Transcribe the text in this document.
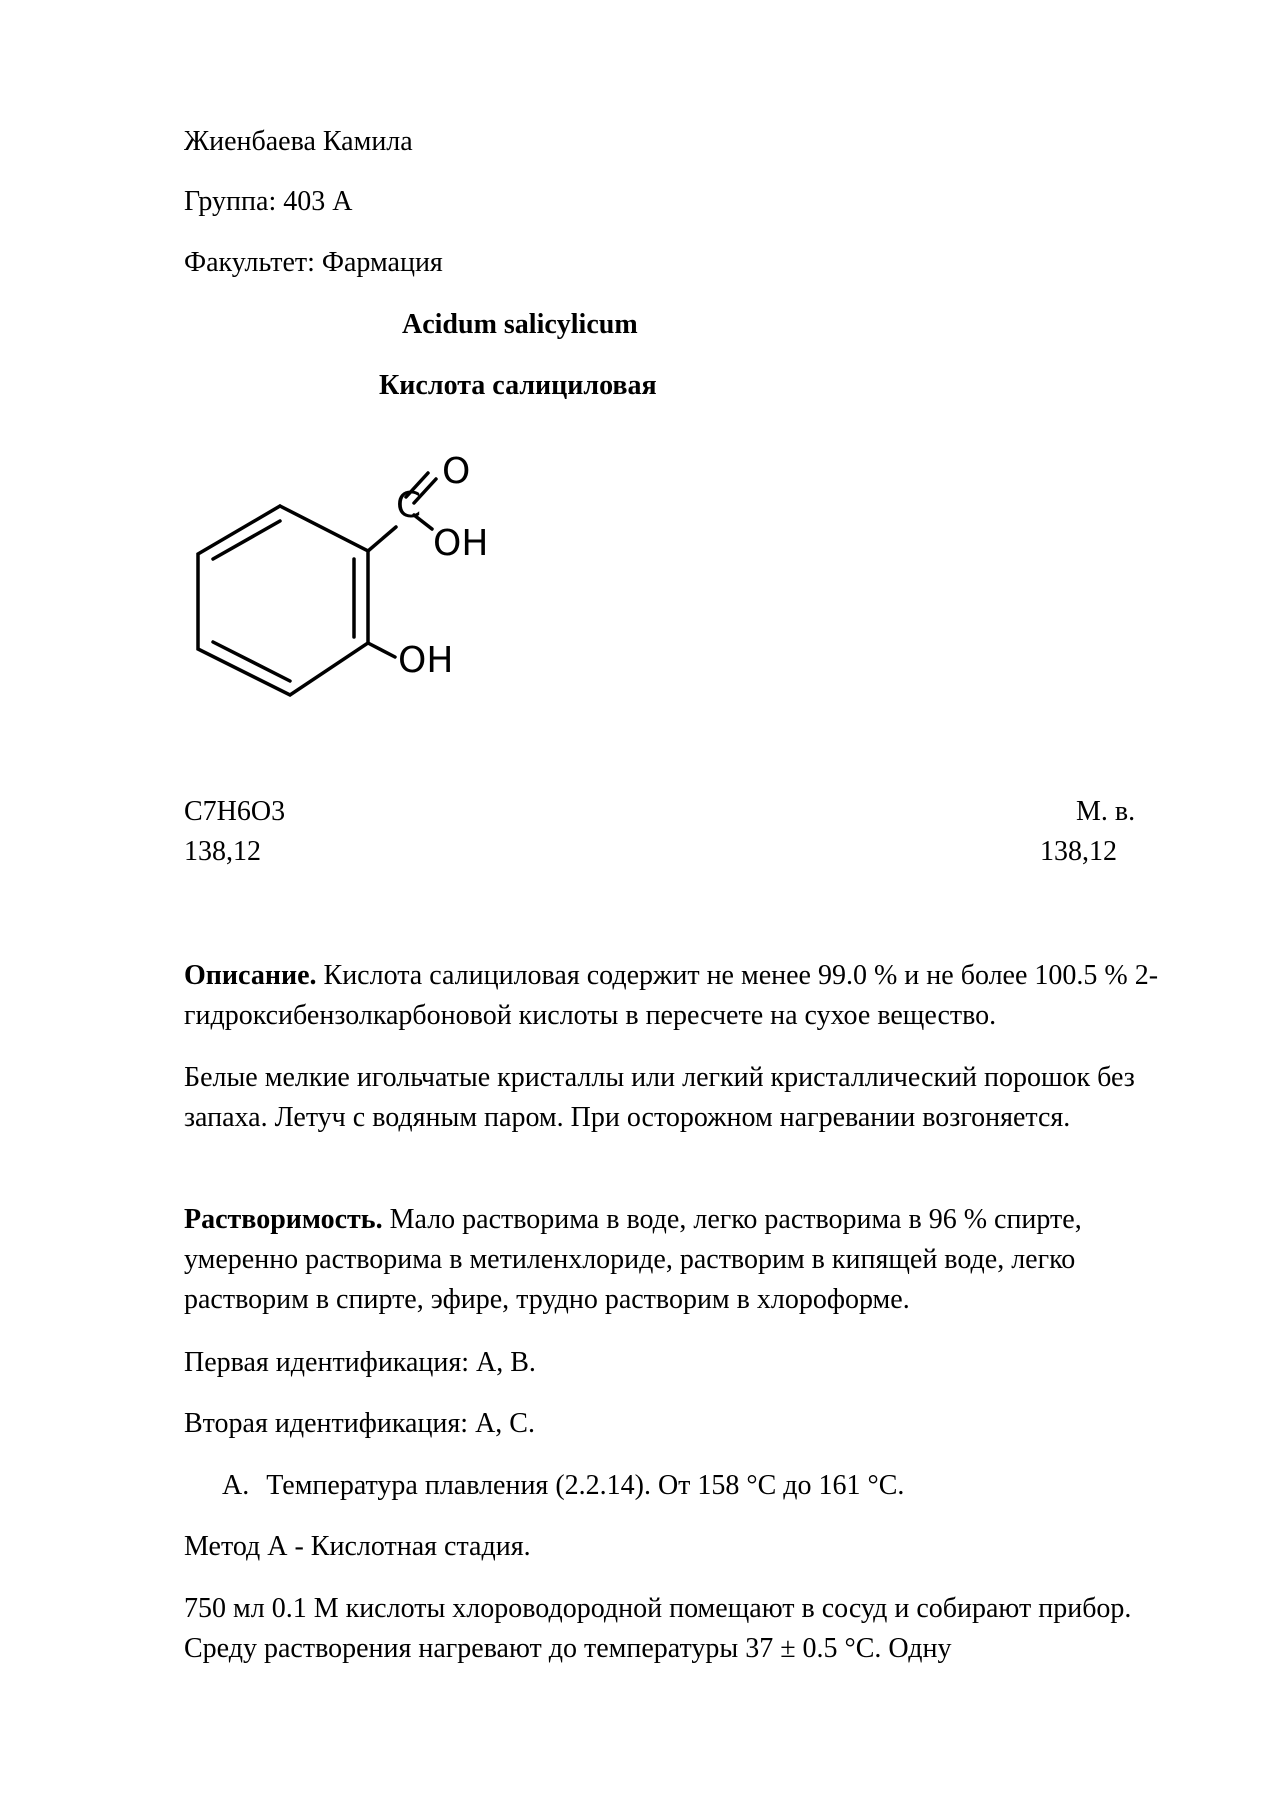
Жиенбаева Камила
Группа: 403 А
Факультет: Фармация
Acidum salicylicum
Кислота салициловая
O
C
OH
OH
C7H6O3	М. в.
138,12	138,12
Описание. Кислота салициловая содержит не менее 99.0 % и не более 100.5 % 2-гидроксибензолкарбоновой кислоты в пересчете на сухое вещество.
Белые мелкие игольчатые кристаллы или легкий кристаллический порошок без запаха. Летуч с водяным паром. При осторожном нагревании возгоняется.
Растворимость. Мало растворима в воде, легко растворима в 96 % спирте, умеренно растворима в метиленхлориде, растворим в кипящей воде, легко растворим в спирте, эфире, трудно растворим в хлороформе.
Первая идентификация: A, B.
Вторая идентификация: A, C.
A. Температура плавления (2.2.14). От 158 °С до 161 °С.
Метод А - Кислотная стадия.
750 мл 0.1 М кислоты хлороводородной помещают в сосуд и собирают прибор. Среду растворения нагревают до температуры 37 ± 0.5 °С. Одну
